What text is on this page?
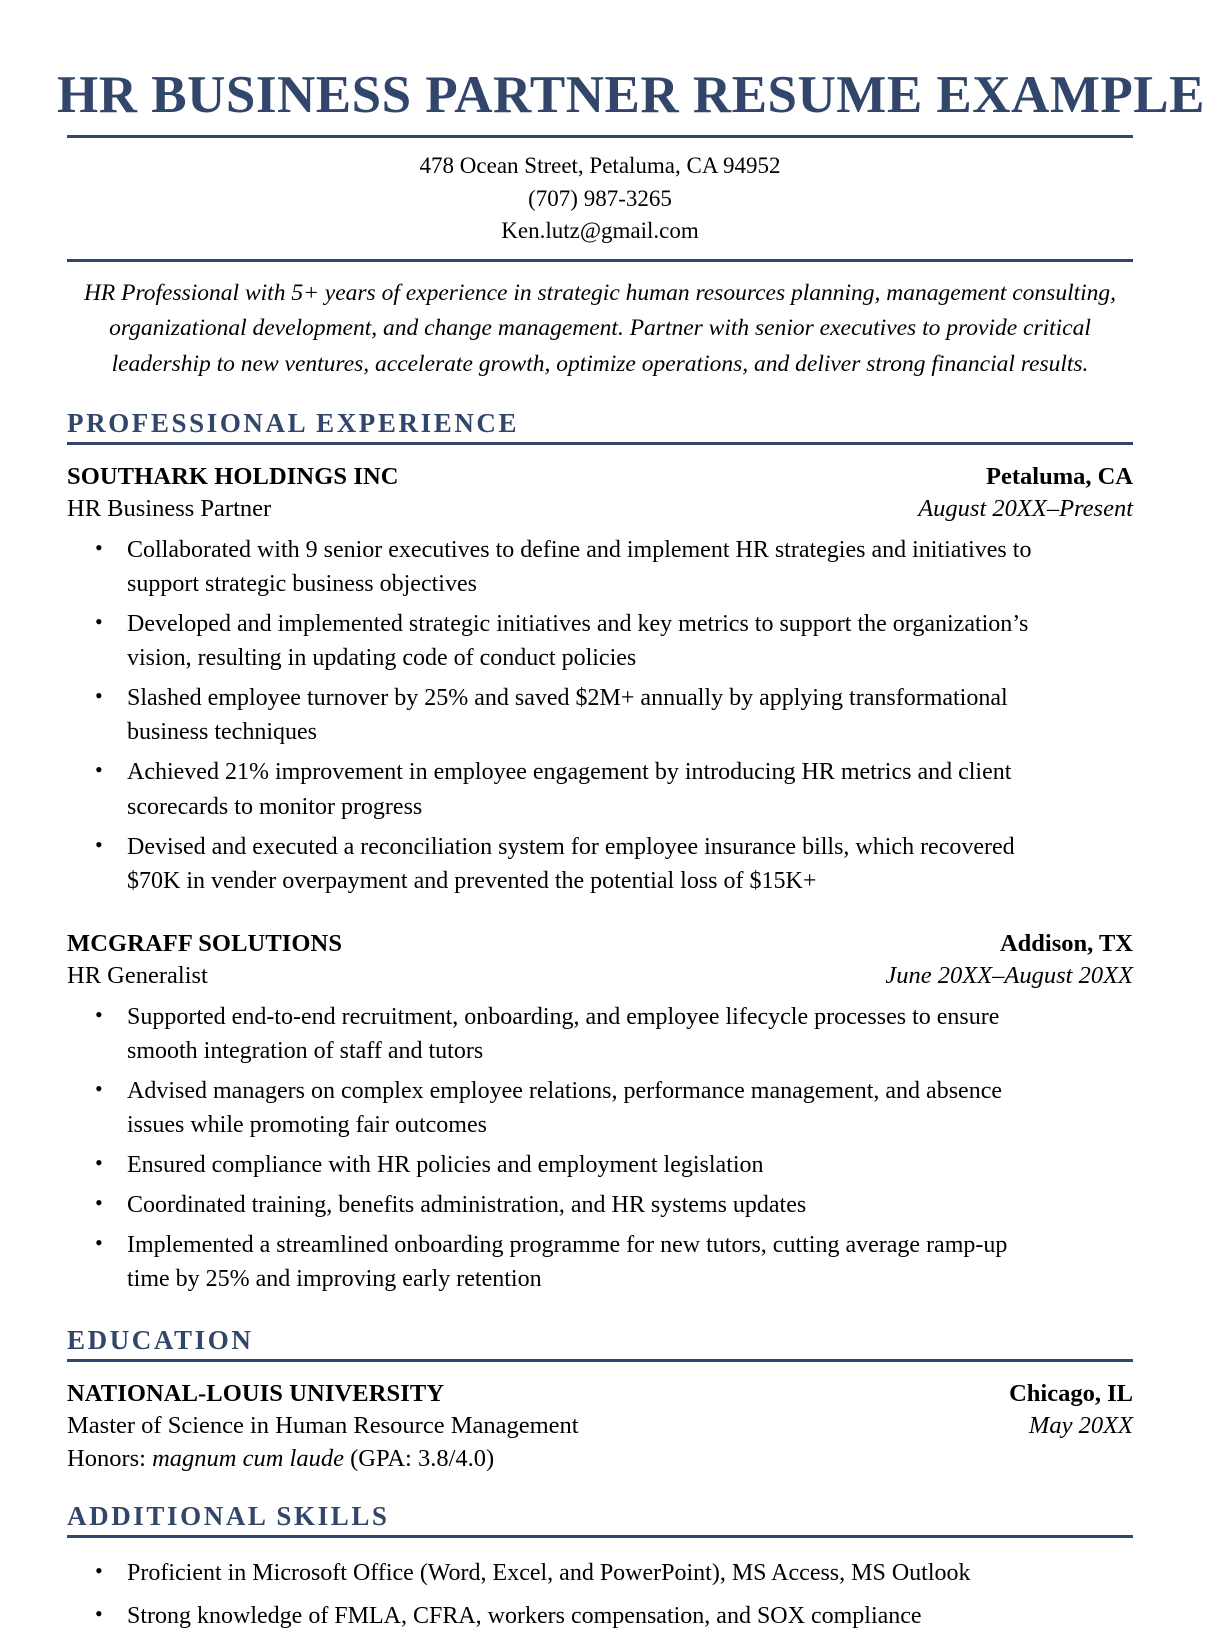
HR BUSINESS PARTNER RESUME EXAMPLE
478 Ocean Street, Petaluma, CA 94952
(707) 987-3265
Ken.lutz@gmail.com
HR Professional with 5+ years of experience in strategic human resources planning, management consulting, organizational development, and change management. Partner with senior executives to provide critical leadership to new ventures, accelerate growth, optimize operations, and deliver strong financial results.
PROFESSIONAL EXPERIENCE
SOUTHARK HOLDINGS INC	Petaluma, CA
HR Business Partner	August 20XX–Present
• Collaborated with 9 senior executives to define and implement HR strategies and initiatives to support strategic business objectives
• Developed and implemented strategic initiatives and key metrics to support the organization’s vision, resulting in updating code of conduct policies
• Slashed employee turnover by 25% and saved $2M+ annually by applying transformational business techniques
• Achieved 21% improvement in employee engagement by introducing HR metrics and client scorecards to monitor progress
• Devised and executed a reconciliation system for employee insurance bills, which recovered $70K in vender overpayment and prevented the potential loss of $15K+
MCGRAFF SOLUTIONS	Addison, TX
HR Generalist	June 20XX–August 20XX
• Supported end-to-end recruitment, onboarding, and employee lifecycle processes to ensure smooth integration of staff and tutors
• Advised managers on complex employee relations, performance management, and absence issues while promoting fair outcomes
• Ensured compliance with HR policies and employment legislation
• Coordinated training, benefits administration, and HR systems updates
• Implemented a streamlined onboarding programme for new tutors, cutting average ramp-up time by 25% and improving early retention
EDUCATION
NATIONAL-LOUIS UNIVERSITY	Chicago, IL
Master of Science in Human Resource Management	May 20XX
Honors: magnum cum laude (GPA: 3.8/4.0)
ADDITIONAL SKILLS
• Proficient in Microsoft Office (Word, Excel, and PowerPoint), MS Access, MS Outlook
• Strong knowledge of FMLA, CFRA, workers compensation, and SOX compliance
